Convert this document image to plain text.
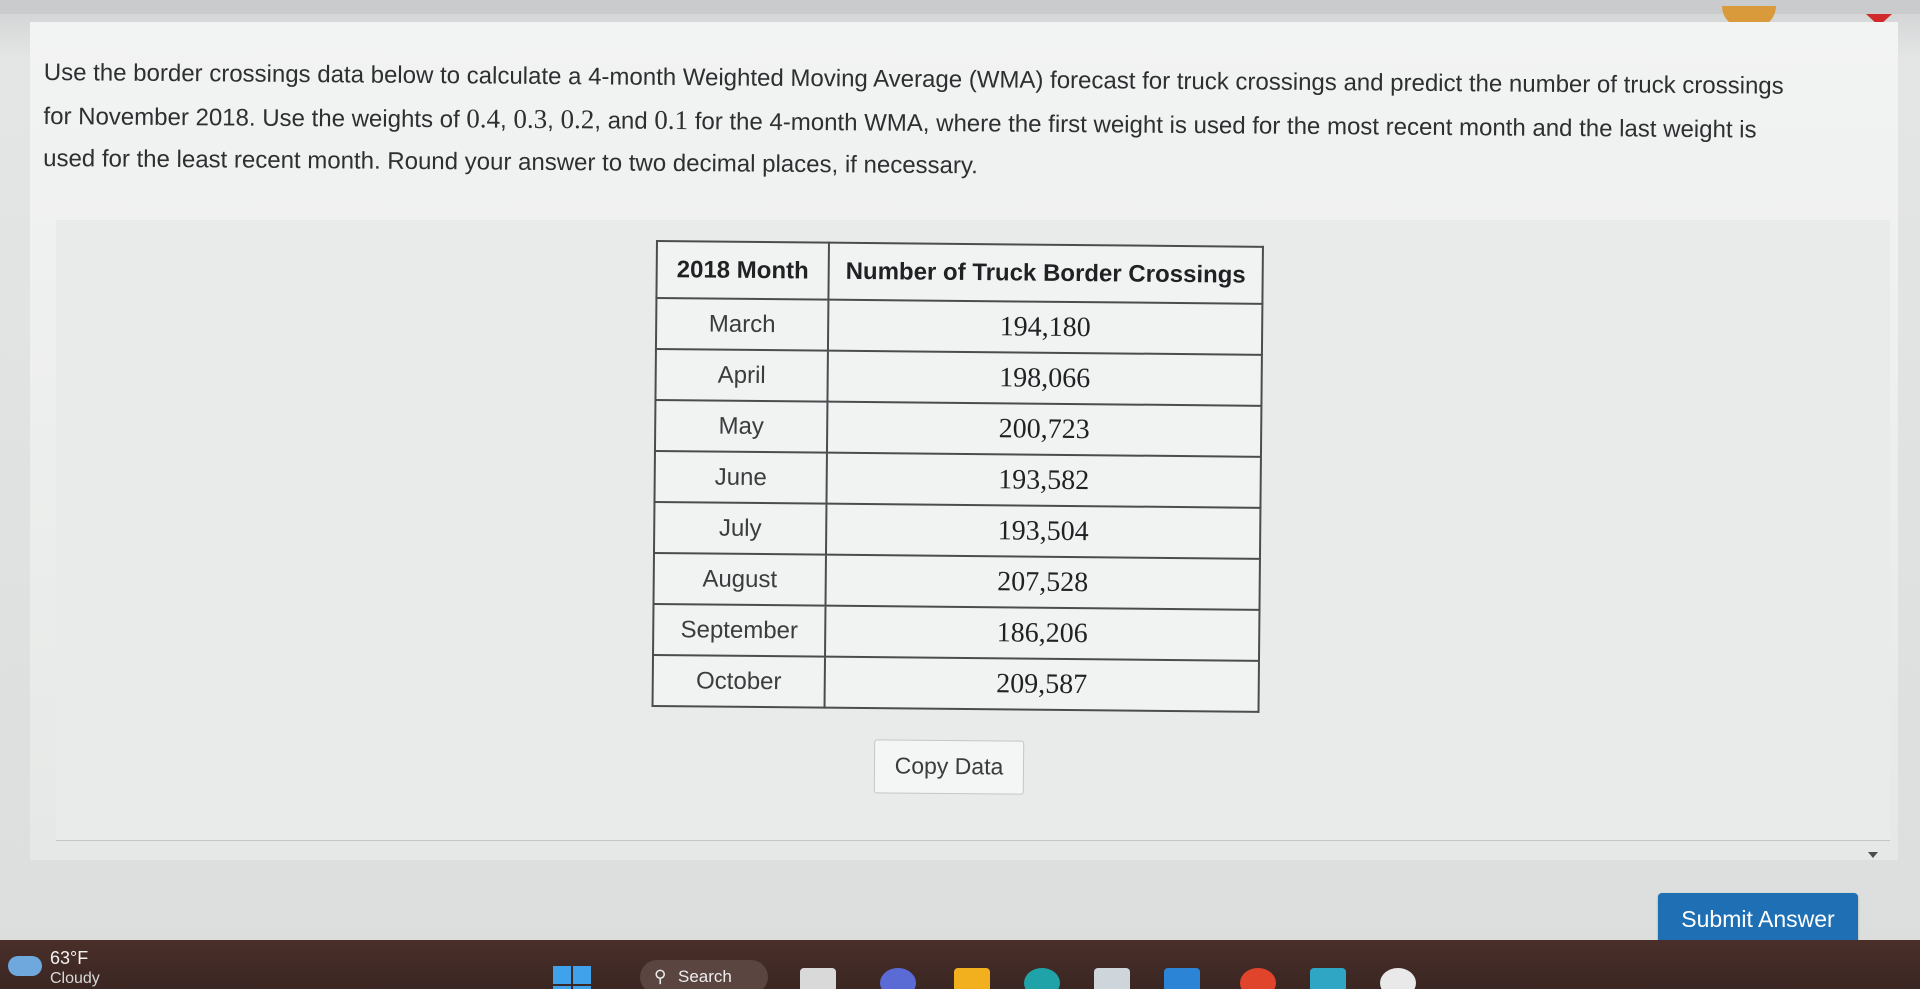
Use the border crossings data below to calculate a 4-month Weighted Moving Average (WMA) forecast for truck crossings and predict the number of truck crossings
for November 2018. Use the weights of 0.4, 0.3, 0.2, and 0.1 for the 4-month WMA, where the first weight is used for the most recent month and the last weight is
used for the least recent month. Round your answer to two decimal places, if necessary.
2018 Month	Number of Truck Border Crossings
March	194,180
April	198,066
May	200,723
June	193,582
July	193,504
August	207,528
September	186,206
October	209,587
Copy Data
Submit Answer
63°F
Cloudy	⚲ Search
